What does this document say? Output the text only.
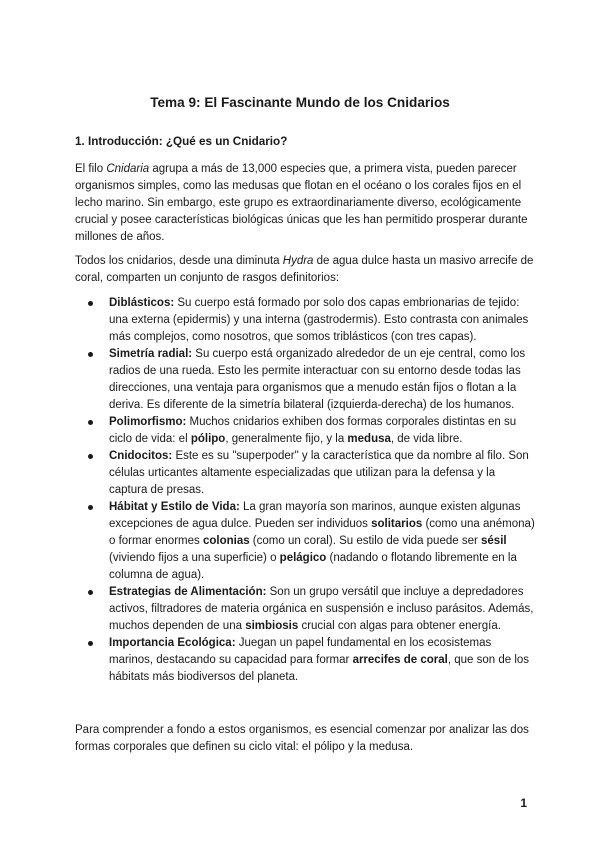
Tema 9: El Fascinante Mundo de los Cnidarios
1. Introducción: ¿Qué es un Cnidario?

El filo Cnidaria agrupa a más de 13,000 especies que, a primera vista, pueden parecer organismos simples, como las medusas que flotan en el océano o los corales fijos en el lecho marino. Sin embargo, este grupo es extraordinariamente diverso, ecológicamente crucial y posee características biológicas únicas que les han permitido prosperar durante millones de años.

Todos los cnidarios, desde una diminuta Hydra de agua dulce hasta un masivo arrecife de coral, comparten un conjunto de rasgos definitorios:

Diblásticos: Su cuerpo está formado por solo dos capas embrionarias de tejido: una externa (epidermis) y una interna (gastrodermis). Esto contrasta con animales más complejos, como nosotros, que somos triblásticos (con tres capas).
Simetría radial: Su cuerpo está organizado alrededor de un eje central, como los radios de una rueda. Esto les permite interactuar con su entorno desde todas las direcciones, una ventaja para organismos que a menudo están fijos o flotan a la deriva. Es diferente de la simetría bilateral (izquierda-derecha) de los humanos.
Polimorfismo: Muchos cnidarios exhiben dos formas corporales distintas en su ciclo de vida: el pólipo, generalmente fijo, y la medusa, de vida libre.
Cnidocitos: Este es su "superpoder" y la característica que da nombre al filo. Son células urticantes altamente especializadas que utilizan para la defensa y la captura de presas.
Hábitat y Estilo de Vida: La gran mayoría son marinos, aunque existen algunas excepciones de agua dulce. Pueden ser individuos solitarios (como una anémona) o formar enormes colonias (como un coral). Su estilo de vida puede ser sésil (viviendo fijos a una superficie) o pelágico (nadando o flotando libremente en la columna de agua).
Estrategias de Alimentación: Son un grupo versátil que incluye a depredadores activos, filtradores de materia orgánica en suspensión e incluso parásitos. Además, muchos dependen de una simbiosis crucial con algas para obtener energía.
Importancia Ecológica: Juegan un papel fundamental en los ecosistemas marinos, destacando su capacidad para formar arrecifes de coral, que son de los hábitats más biodiversos del planeta.

Para comprender a fondo a estos organismos, es esencial comenzar por analizar las dos formas corporales que definen su ciclo vital: el pólipo y la medusa.

1
